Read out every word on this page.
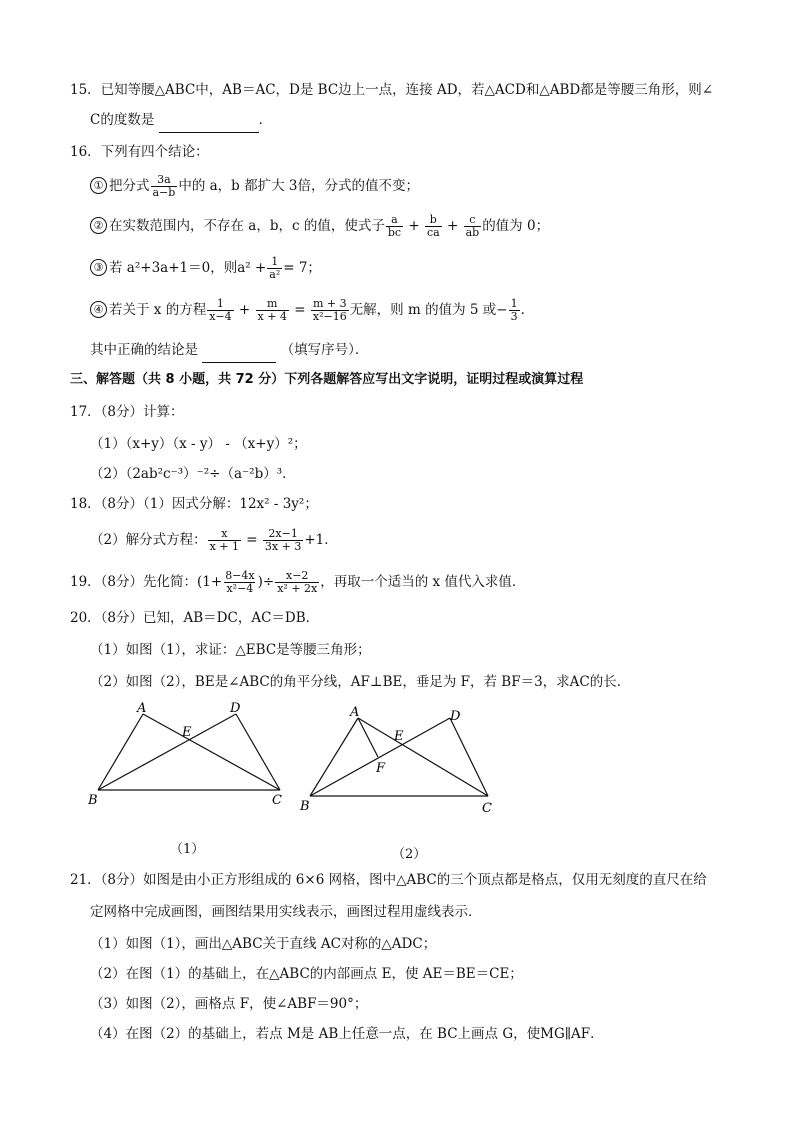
15．已知等腰△ABC中，AB＝AC，D是 BC边上一点，连接 AD，若△ACD和△ABD都是等腰三角形，则∠
C的度数是	．
16．下列有四个结论：
① 把分式 $\frac{3a}{a-b}$ 中的 a，b 都扩大 3倍，分式的值不变；
② 在实数范围内，不存在 a，b，c 的值，使式子 $\frac{a}{bc} + \frac{b}{ca} + \frac{c}{ab}$ 的值为 0；
③ 若 a²+3a+1＝0，则$a^2 + \frac{1}{\text{a²}} = 7$；
④ 若关于 x 的方程 $\frac{1}{x-4} + \frac{m}{x + 4} = \frac{m + 3}{\text{x²−16}}$ 无解，则 m 的值为 5 或− $\frac{1}{3}$ ．
其中正确的结论是	（填写序号）．
三、解答题（共 8 小题，共 72 分）下列各题解答应写出文字说明，证明过程或演算过程
17．（8分）计算：
（1）（x+y）（x - y） - （x+y）²；
（2）（2ab²c⁻³）⁻²÷（a⁻²b）³．
18．（8分）（1）因式分解：12x² - 3y²；
（2）解分式方程： $\frac{x}{x + 1} = \frac{2x-1}{3x + 3} +1$．
19．（8分）先化简：($1+ \frac{8-4x}{\text{x²−4}}$ )÷ $\frac{x-2}{\text{x² + 2x}}$ ，再取一个适当的 x 值代入求值．
20．（8分）已知，AB＝DC，AC＝DB．
（1）如图（1），求证：△EBC是等腰三角形；
（2）如图（2），BE是∠ABC的角平分线，AF⊥BE，垂足为 F，若 BF＝3，求AC的长．
A	D
E
B	C
A	D
E
F
B	C
（1）	（2）
21．（8分）如图是由小正方形组成的 6×6 网格，图中△ABC的三个顶点都是格点，仅用无刻度的直尺在给
定网格中完成画图，画图结果用实线表示，画图过程用虚线表示．
（1）如图（1），画出△ABC关于直线 AC对称的△ADC；
（2）在图（1）的基础上，在△ABC的内部画点 E，使 AE＝BE＝CE；
（3）如图（2），画格点 F，使∠ABF＝90°；
（4）在图（2）的基础上，若点 M是 AB上任意一点，在 BC上画点 G，使MG∥AF．
